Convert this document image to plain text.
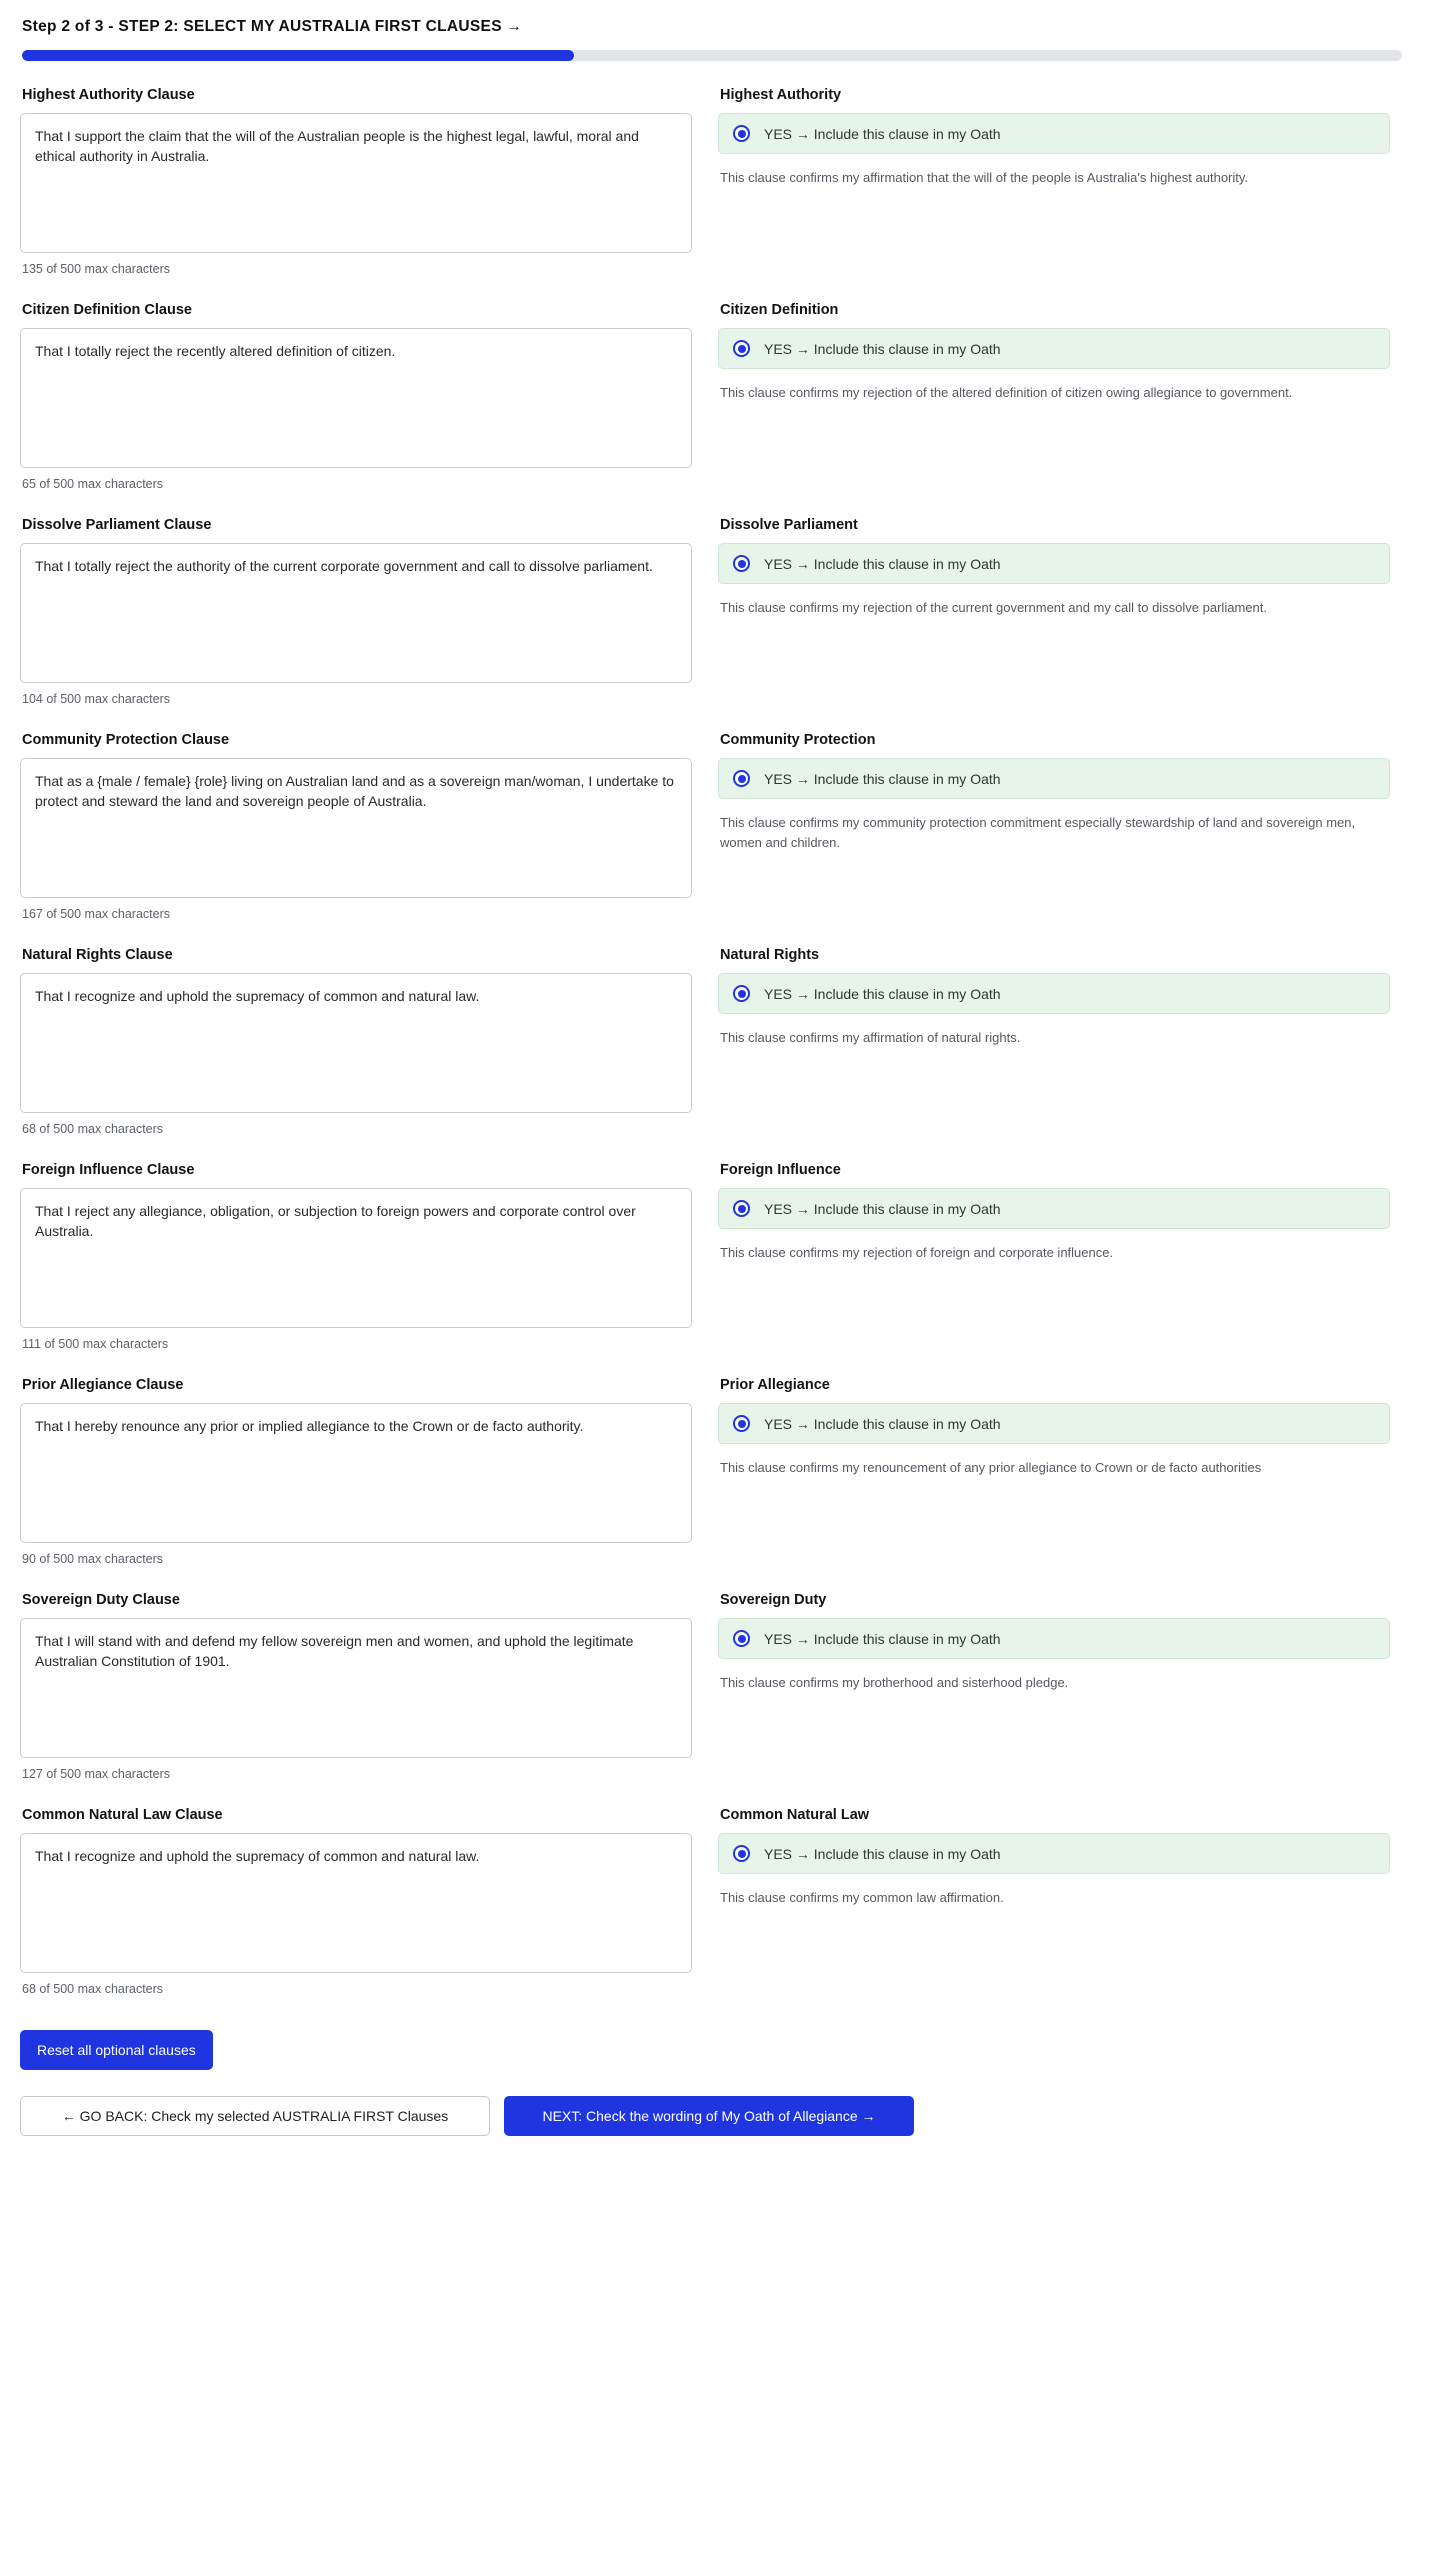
Step 2 of 3 - STEP 2: SELECT MY AUSTRALIA FIRST CLAUSES →
Highest Authority Clause
That I support the claim that the will of the Australian people is the highest legal, lawful, moral and ethical authority in Australia.
135 of 500 max characters
Highest Authority
YES → Include this clause in my Oath
This clause confirms my affirmation that the will of the people is Australia's highest authority.
Citizen Definition Clause
That I totally reject the recently altered definition of citizen.
65 of 500 max characters
Citizen Definition
YES → Include this clause in my Oath
This clause confirms my rejection of the altered definition of citizen owing allegiance to government.
Dissolve Parliament Clause
That I totally reject the authority of the current corporate government and call to dissolve parliament.
104 of 500 max characters
Dissolve Parliament
YES → Include this clause in my Oath
This clause confirms my rejection of the current government and my call to dissolve parliament.
Community Protection Clause
That as a {male / female} {role} living on Australian land and as a sovereign man/woman, I undertake to protect and steward the land and sovereign people of Australia.
167 of 500 max characters
Community Protection
YES → Include this clause in my Oath
This clause confirms my community protection commitment especially stewardship of land and sovereign men, women and children.
Natural Rights Clause
That I recognize and uphold the supremacy of common and natural law.
68 of 500 max characters
Natural Rights
YES → Include this clause in my Oath
This clause confirms my affirmation of natural rights.
Foreign Influence Clause
That I reject any allegiance, obligation, or subjection to foreign powers and corporate control over Australia.
111 of 500 max characters
Foreign Influence
YES → Include this clause in my Oath
This clause confirms my rejection of foreign and corporate influence.
Prior Allegiance Clause
That I hereby renounce any prior or implied allegiance to the Crown or de facto authority.
90 of 500 max characters
Prior Allegiance
YES → Include this clause in my Oath
This clause confirms my renouncement of any prior allegiance to Crown or de facto authorities
Sovereign Duty Clause
That I will stand with and defend my fellow sovereign men and women, and uphold the legitimate Australian Constitution of 1901.
127 of 500 max characters
Sovereign Duty
YES → Include this clause in my Oath
This clause confirms my brotherhood and sisterhood pledge.
Common Natural Law Clause
That I recognize and uphold the supremacy of common and natural law.
68 of 500 max characters
Common Natural Law
YES → Include this clause in my Oath
This clause confirms my common law affirmation.
Reset all optional clauses
← GO BACK: Check my selected AUSTRALIA FIRST Clauses	NEXT: Check the wording of My Oath of Allegiance →
